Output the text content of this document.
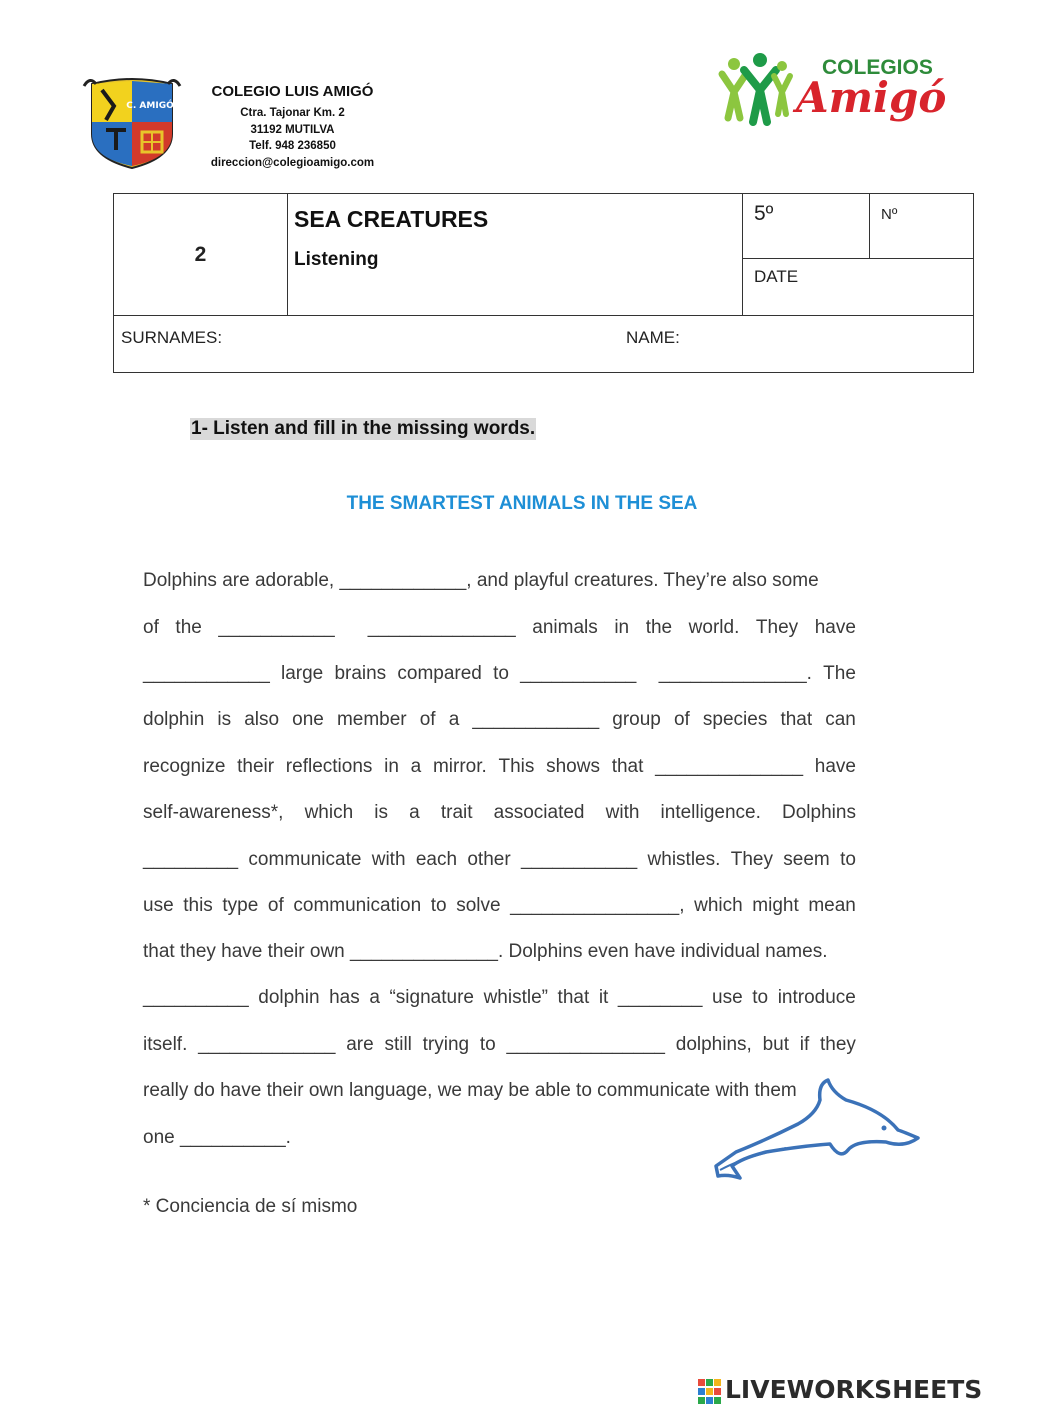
C. AMIGÓ
COLEGIO LUIS AMIGÓ
Ctra. Tajonar Km. 2
31192 MUTILVA
Telf. 948 236850
direccion@colegioamigo.com
COLEGIOS
Amigó
2	
SEA CREATURES
Listening
	5º	Nº
DATE

SURNAMES:	NAME:
1- Listen and fill in the missing words.
THE SMARTEST ANIMALS IN THE SEA
Dolphins are adorable, ____________, and playful creatures. They’re also some
of the ___________ ______________ animals in the world. They have
____________ large brains compared to ___________ ______________. The
dolphin is also one member of a ____________ group of species that can
recognize their reflections in a mirror. This shows that ______________ have
self-awareness*, which is a trait associated with intelligence. Dolphins
_________ communicate with each other ___________ whistles. They seem to
use this type of communication to solve ________________, which might mean
that they have their own ______________. Dolphins even have individual names.
__________ dolphin has a “signature whistle” that it ________ use to introduce
itself. _____________ are still trying to _______________ dolphins, but if they
really do have their own language, we may be able to communicate with them
one __________.
* Conciencia de sí mismo
LIVEWORKSHEETS
